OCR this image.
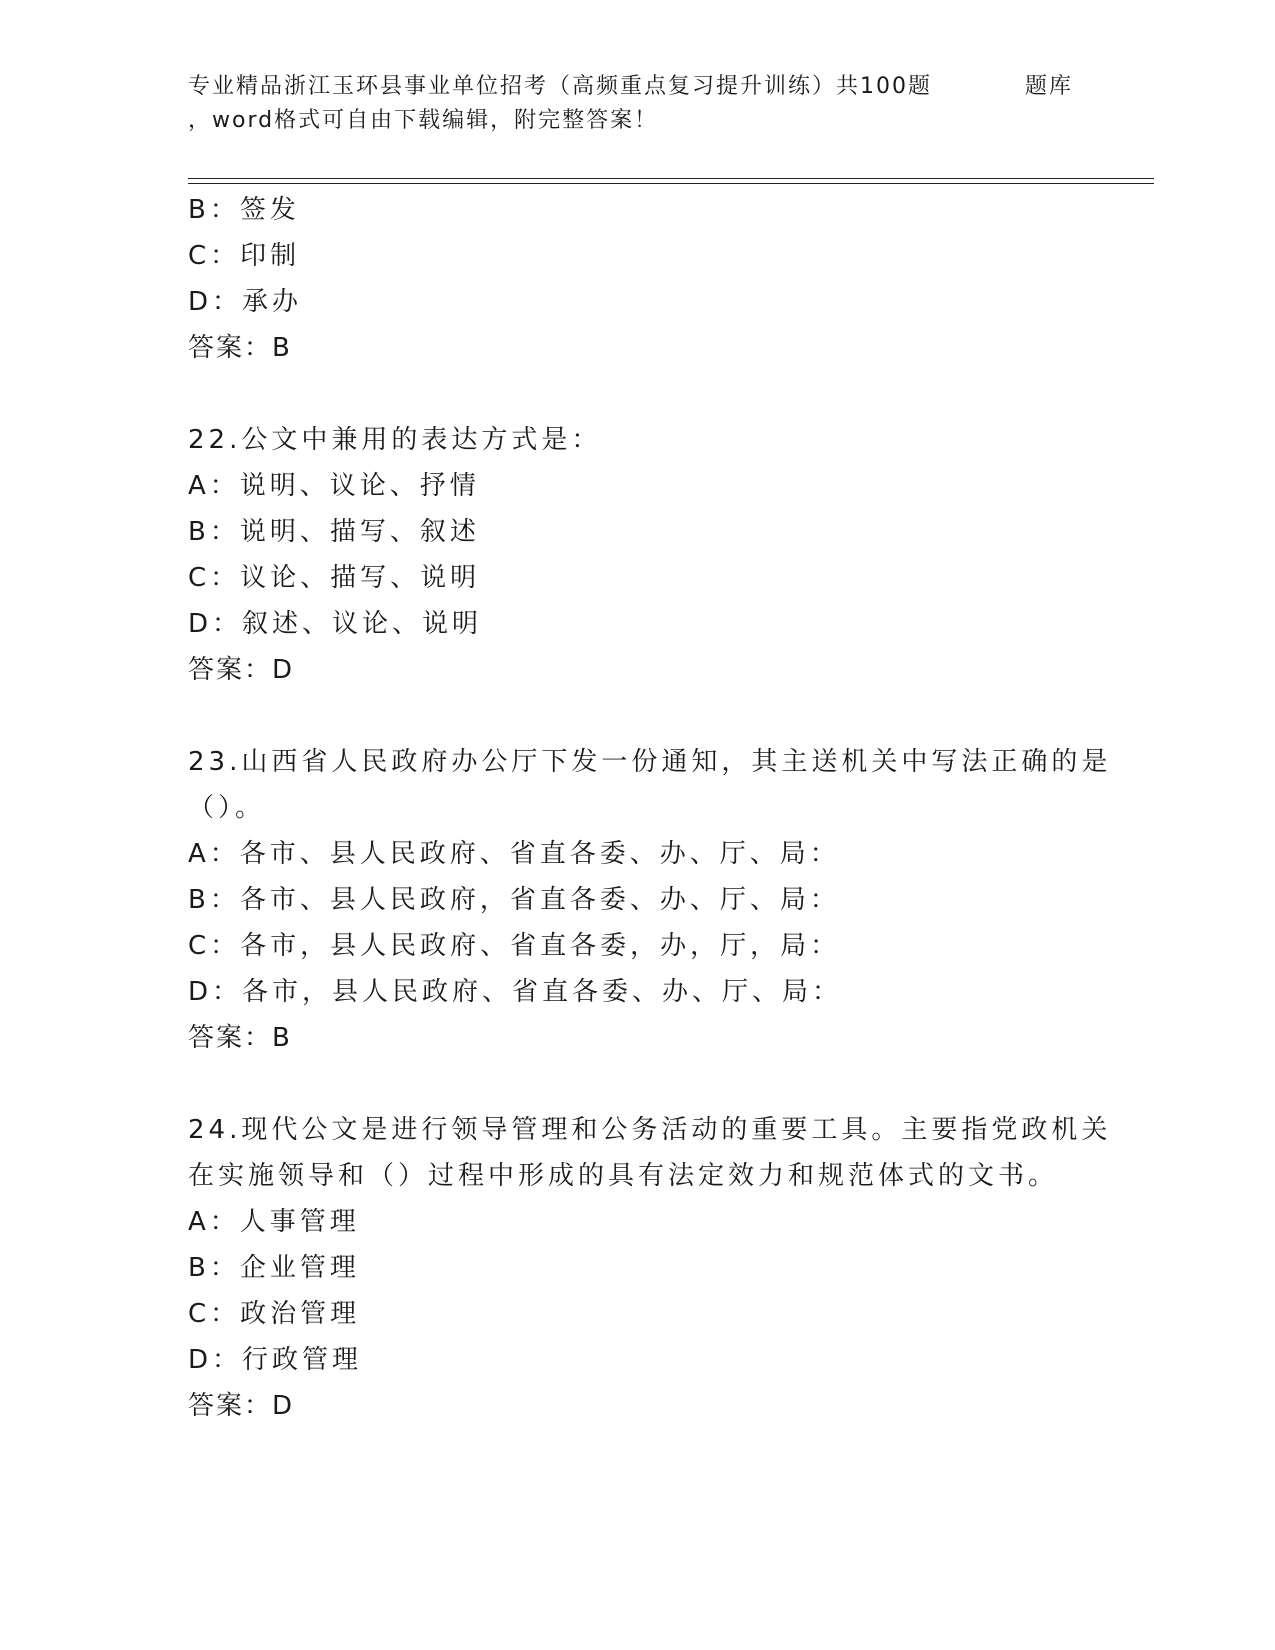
专业精品浙江玉环县事业单位招考（高频重点复习提升训练）共100题	题库
，word格式可自由下载编辑，附完整答案！
B：签发
C：印制
D：承办
答案：B
22.公文中兼用的表达方式是：
A：说明、议论、抒情
B：说明、描写、叙述
C：议论、描写、说明
D：叙述、议论、说明
答案：D
23.山西省人民政府办公厅下发一份通知，其主送机关中写法正确的是
（）。
A：各市、县人民政府、省直各委、办、厅、局：
B：各市、县人民政府，省直各委、办、厅、局：
C：各市，县人民政府、省直各委，办，厅，局：
D：各市，县人民政府、省直各委、办、厅、局：
答案：B
24.现代公文是进行领导管理和公务活动的重要工具。主要指党政机关
在实施领导和（）过程中形成的具有法定效力和规范体式的文书。
A：人事管理
B：企业管理
C：政治管理
D：行政管理
答案：D
